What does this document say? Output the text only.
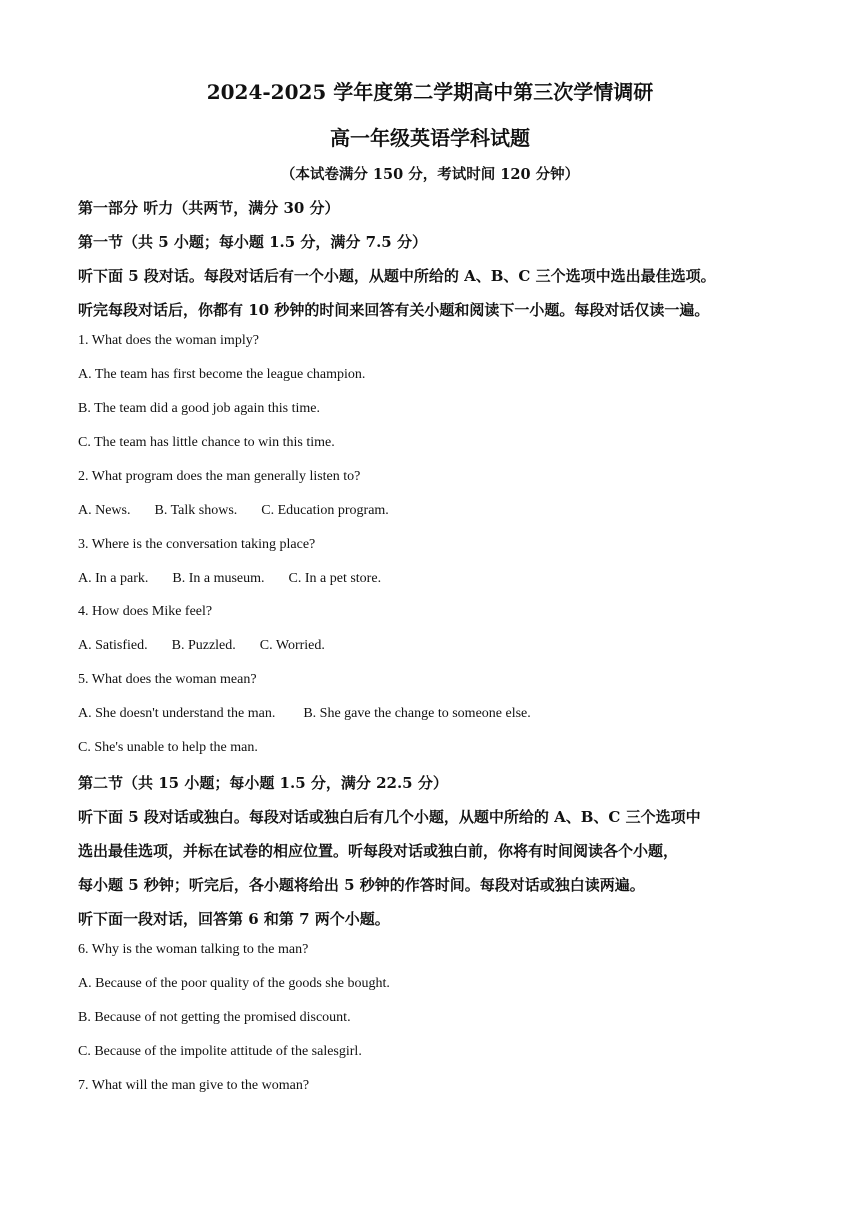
2024-2025 学年度第二学期高中第三次学情调研
高一年级英语学科试题
（本试卷满分 150 分，考试时间 120 分钟）
第一部分 听力（共两节，满分 30 分）
第一节（共 5 小题；每小题 1.5 分，满分 7.5 分）
听下面 5 段对话。每段对话后有一个小题，从题中所给的 A、B、C 三个选项中选出最佳选项。
听完每段对话后，你都有 10 秒钟的时间来回答有关小题和阅读下一小题。每段对话仅读一遍。
1. What does the woman imply?
A. The team has first become the league champion.
B. The team did a good job again this time.
C. The team has little chance to win this time.
2. What program does the man generally listen to?
A. News. B. Talk shows. C. Education program.
3. Where is the conversation taking place?
A. In a park. B. In a museum. C. In a pet store.
4. How does Mike feel?
A. Satisfied. B. Puzzled. C. Worried.
5. What does the woman mean?
A. She doesn't understand the man. B. She gave the change to someone else.
C. She's unable to help the man.
第二节（共 15 小题；每小题 1.5 分，满分 22.5 分）
听下面 5 段对话或独白。每段对话或独白后有几个小题，从题中所给的 A、B、C 三个选项中
选出最佳选项，并标在试卷的相应位置。听每段对话或独白前，你将有时间阅读各个小题，
每小题 5 秒钟；听完后，各小题将给出 5 秒钟的作答时间。每段对话或独白读两遍。
听下面一段对话，回答第 6 和第 7 两个小题。
6. Why is the woman talking to the man?
A. Because of the poor quality of the goods she bought.
B. Because of not getting the promised discount.
C. Because of the impolite attitude of the salesgirl.
7. What will the man give to the woman?
